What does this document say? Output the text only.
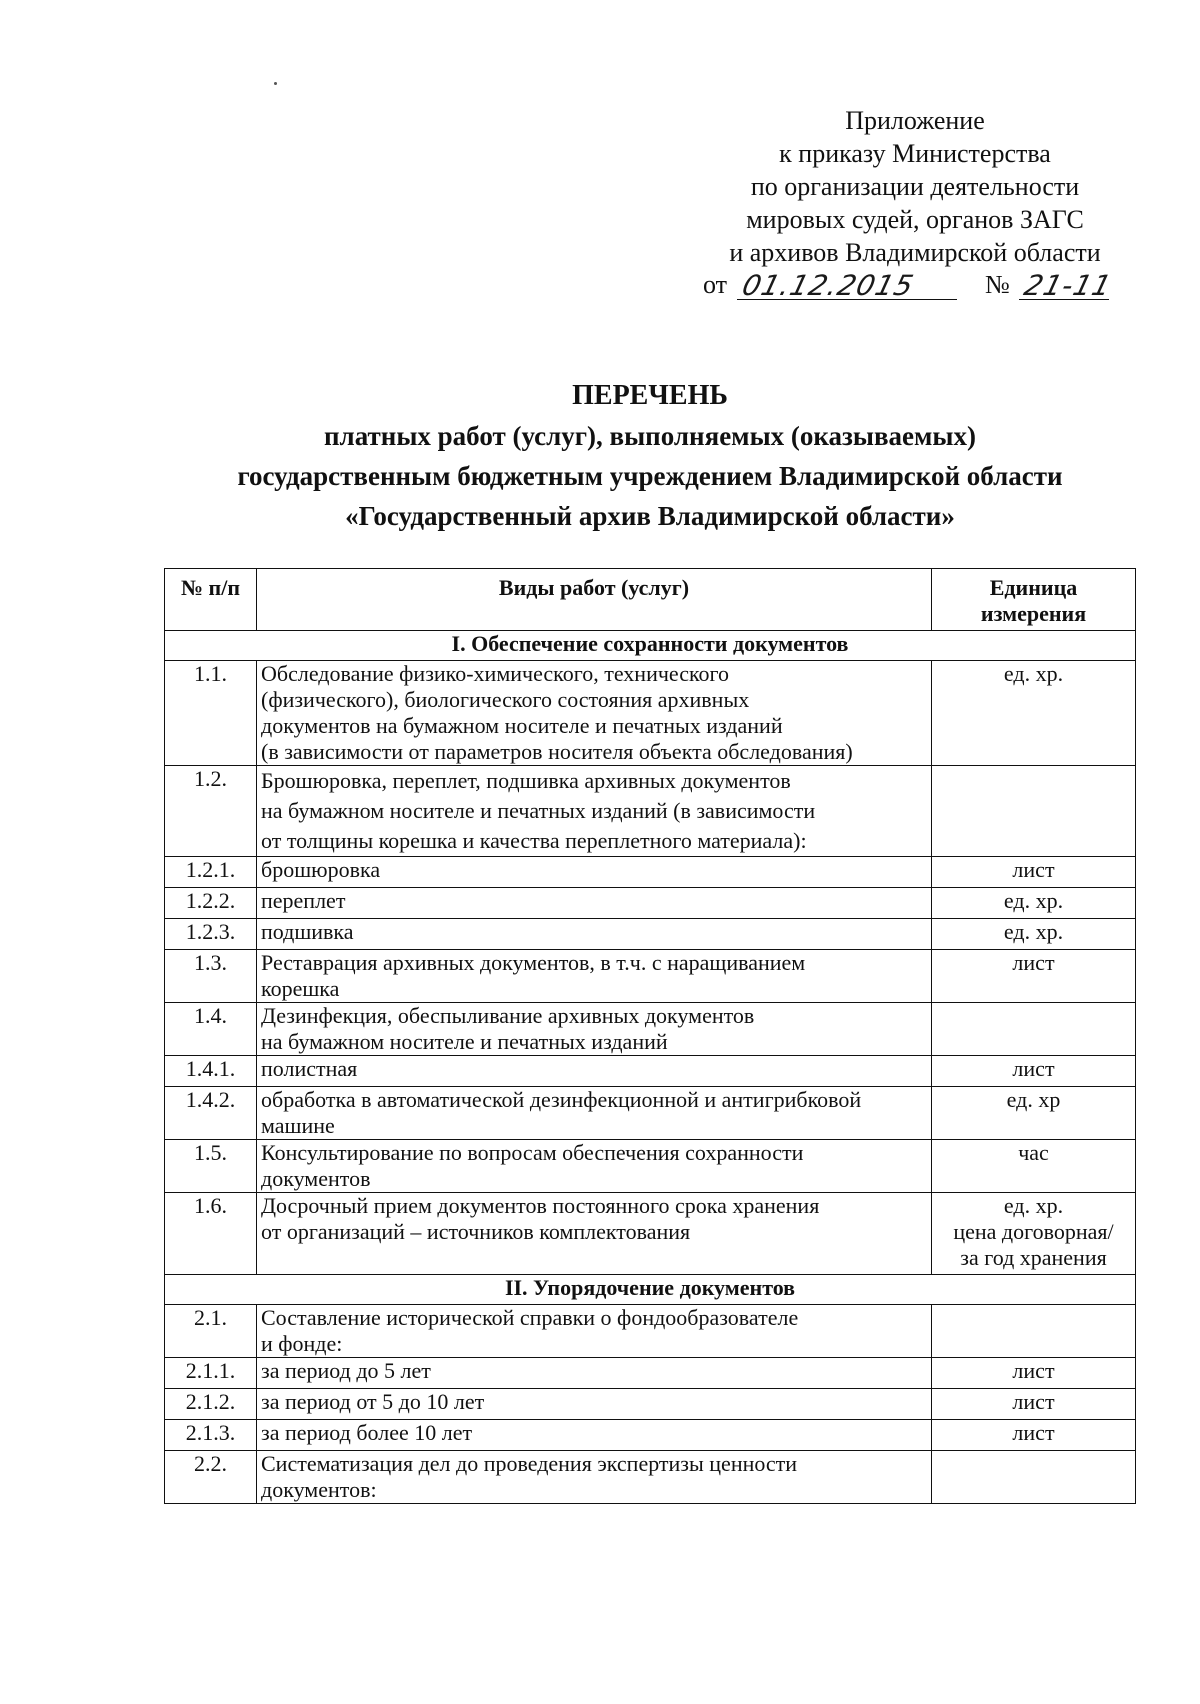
Приложение
к приказу Министерства
по организации деятельности
мировых судей, органов ЗАГС
и архивов Владимирской области
от 01.12.2015	№ 21-11
ПЕРЕЧЕНЬ
платных работ (услуг), выполняемых (оказываемых)
государственным бюджетным учреждением Владимирской области
«Государственный архив Владимирской области»
№ п/п	Виды работ (услуг)	Единица
измерения

I. Обеспечение сохранности документов		
1.1.	Обследование физико-химического, технического
(физического), биологического состояния архивных
документов на бумажном носителе и печатных изданий
(в зависимости от параметров носителя объекта обследования)	ед. хр.
1.2.	Брошюровка, переплет, подшивка архивных документов
на бумажном носителе и печатных изданий (в зависимости
от толщины корешка и качества переплетного материала):	

1.2.1.	брошюровка	лист
1.2.2.	переплет	ед. хр.
1.2.3.	подшивка	ед. хр.
1.3.	Реставрация архивных документов, в т.ч. с наращиванием
корешка	лист
1.4.	Дезинфекция, обеспыливание архивных документов
на бумажном носителе и печатных изданий	

1.4.1.	полистная	лист
1.4.2.	обработка в автоматической дезинфекционной и антигрибковой
машине	ед. хр
1.5.	Консультирование по вопросам обеспечения сохранности
документов	час
1.6.	Досрочный прием документов постоянного срока хранения
от организаций – источников комплектования	ед. хр.
цена договорная/
за год хранения

II. Упорядочение документов		
2.1.	Составление исторической справки о фондообразователе
и фонде:	

2.1.1.	за период до 5 лет	лист
2.1.2.	за период от 5 до 10 лет	лист
2.1.3.	за период более 10 лет	лист
2.2.	Систематизация дел до проведения экспертизы ценности
документов:	
